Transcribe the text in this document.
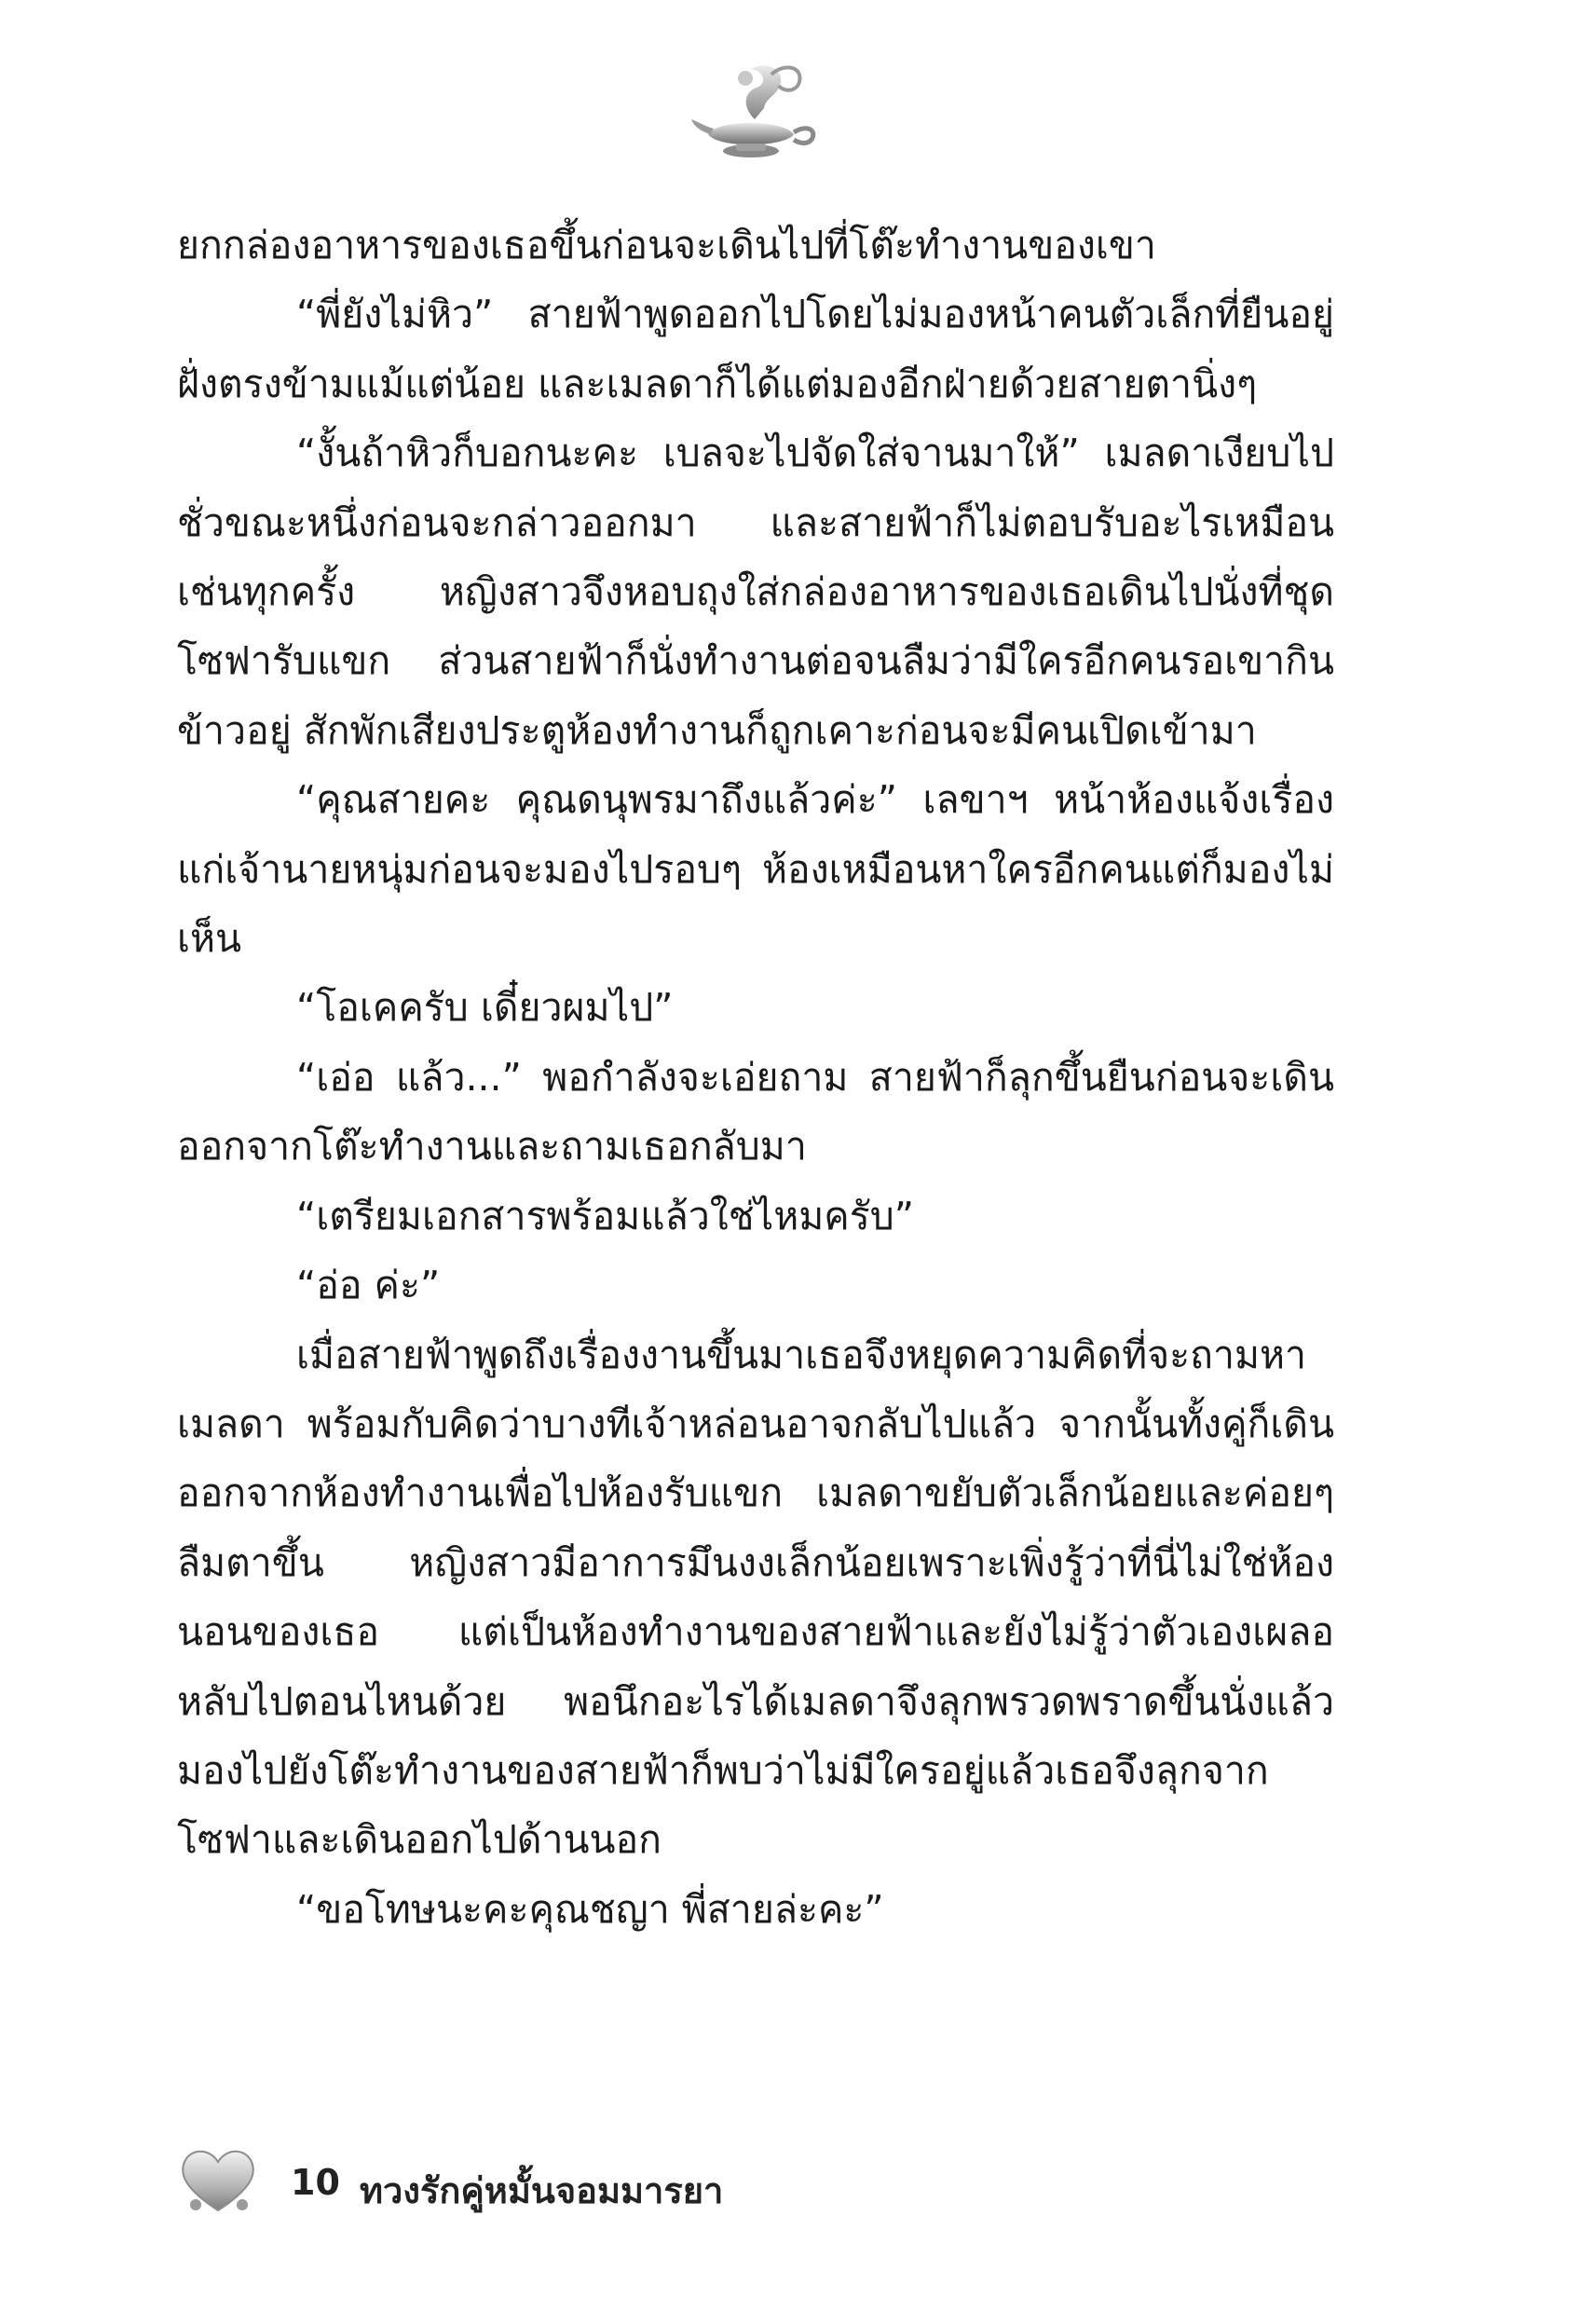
ยกกล่องอาหารของเธอขึ้นก่อนจะเดินไปที่โต๊ะทำงานของเขา

“พี่ยังไม่หิว” สายฟ้าพูดออกไปโดยไม่มองหน้าคนตัวเล็กที่ยืนอยู่ฝั่งตรงข้ามแม้แต่น้อย และเมลดาก็ได้แต่มองอีกฝ่ายด้วยสายตานิ่งๆ

“งั้นถ้าหิวก็บอกนะคะ เบลจะไปจัดใส่จานมาให้” เมลดาเงียบไปชั่วขณะหนึ่งก่อนจะกล่าวออกมา และสายฟ้าก็ไม่ตอบรับอะไรเหมือนเช่นทุกครั้ง หญิงสาวจึงหอบถุงใส่กล่องอาหารของเธอเดินไปนั่งที่ชุดโซฟารับแขก ส่วนสายฟ้าก็นั่งทำงานต่อจนลืมว่ามีใครอีกคนรอเขากินข้าวอยู่ สักพักเสียงประตูห้องทำงานก็ถูกเคาะก่อนจะมีคนเปิดเข้ามา

“คุณสายคะ คุณดนุพรมาถึงแล้วค่ะ” เลขาฯ หน้าห้องแจ้งเรื่องแก่เจ้านายหนุ่มก่อนจะมองไปรอบๆ ห้องเหมือนหาใครอีกคนแต่ก็มองไม่เห็น

“โอเคครับ เดี๋ยวผมไป”

“เอ่อ แล้ว...” พอกำลังจะเอ่ยถาม สายฟ้าก็ลุกขึ้นยืนก่อนจะเดินออกจากโต๊ะทำงานและถามเธอกลับมา

“เตรียมเอกสารพร้อมแล้วใช่ไหมครับ”

“อ่อ ค่ะ”

เมื่อสายฟ้าพูดถึงเรื่องงานขึ้นมาเธอจึงหยุดความคิดที่จะถามหาเมลดา พร้อมกับคิดว่าบางทีเจ้าหล่อนอาจกลับไปแล้ว จากนั้นทั้งคู่ก็เดินออกจากห้องทำงานเพื่อไปห้องรับแขก เมลดาขยับตัวเล็กน้อยและค่อยๆ ลืมตาขึ้น หญิงสาวมีอาการมึนงงเล็กน้อยเพราะเพิ่งรู้ว่าที่นี่ไม่ใช่ห้องนอนของเธอ แต่เป็นห้องทำงานของสายฟ้าและยังไม่รู้ว่าตัวเองเผลอหลับไปตอนไหนด้วย พอนึกอะไรได้เมลดาจึงลุกพรวดพราดขึ้นนั่งแล้วมองไปยังโต๊ะทำงานของสายฟ้าก็พบว่าไม่มีใครอยู่แล้วเธอจึงลุกจากโซฟาและเดินออกไปด้านนอก

“ขอโทษนะคะคุณชญา พี่สายล่ะคะ”

10 ทวงรักคู่หมั้นจอมมารยา
